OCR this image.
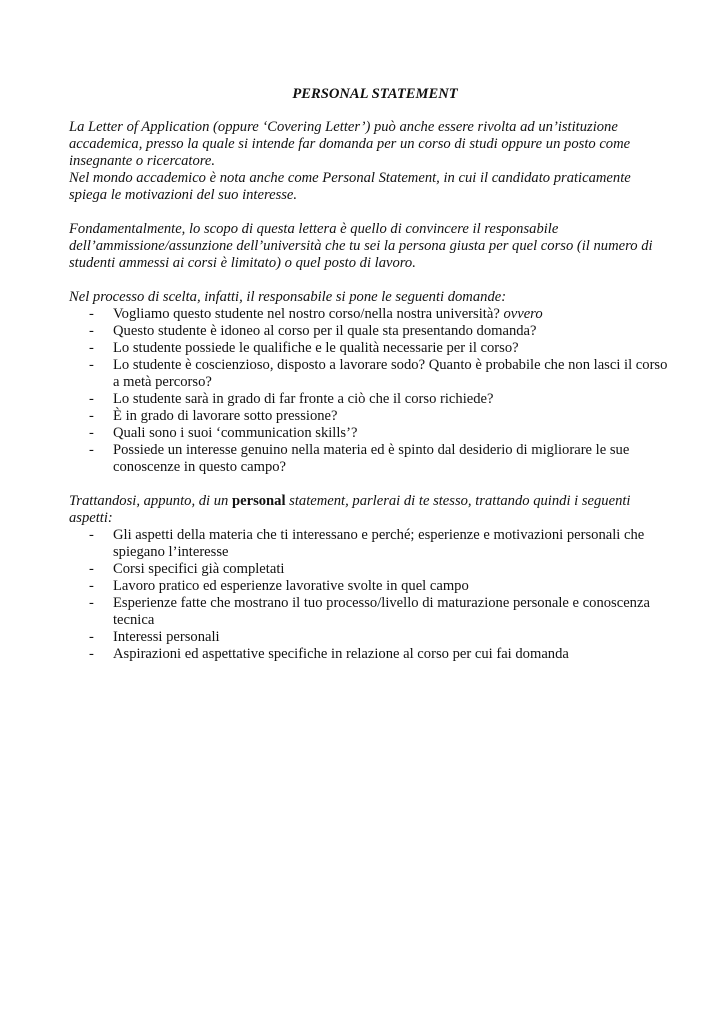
PERSONAL STATEMENT

La Letter of Application (oppure ‘Covering Letter’) può anche essere rivolta ad un’istituzione accademica, presso la quale si intende far domanda per un corso di studi oppure un posto come insegnante o ricercatore.

Nel mondo accademico è nota anche come Personal Statement, in cui il candidato praticamente spiega le motivazioni del suo interesse.

Fondamentalmente, lo scopo di questa lettera è quello di convincere il responsabile dell’ammissione/assunzione dell’università che tu sei la persona giusta per quel corso (il numero di studenti ammessi ai corsi è limitato) o quel posto di lavoro.

Nel processo di scelta, infatti, il responsabile si pone le seguenti domande:

- Vogliamo questo studente nel nostro corso/nella nostra università? ovvero
- Questo studente è idoneo al corso per il quale sta presentando domanda?
- Lo studente possiede le qualifiche e le qualità necessarie per il corso?
- Lo studente è coscienzioso, disposto a lavorare sodo? Quanto è probabile che non lasci il corso a metà percorso?
- Lo studente sarà in grado di far fronte a ciò che il corso richiede?
- È in grado di lavorare sotto pressione?
- Quali sono i suoi ‘communication skills’?
- Possiede un interesse genuino nella materia ed è spinto dal desiderio di migliorare le sue conoscenze in questo campo?

Trattandosi, appunto, di un personal statement, parlerai di te stesso, trattando quindi i seguenti aspetti:

- Gli aspetti della materia che ti interessano e perché; esperienze e motivazioni personali che spiegano l’interesse
- Corsi specifici già completati
- Lavoro pratico ed esperienze lavorative svolte in quel campo
- Esperienze fatte che mostrano il tuo processo/livello di maturazione personale e conoscenza tecnica
- Interessi personali
- Aspirazioni ed aspettative specifiche in relazione al corso per cui fai domanda
